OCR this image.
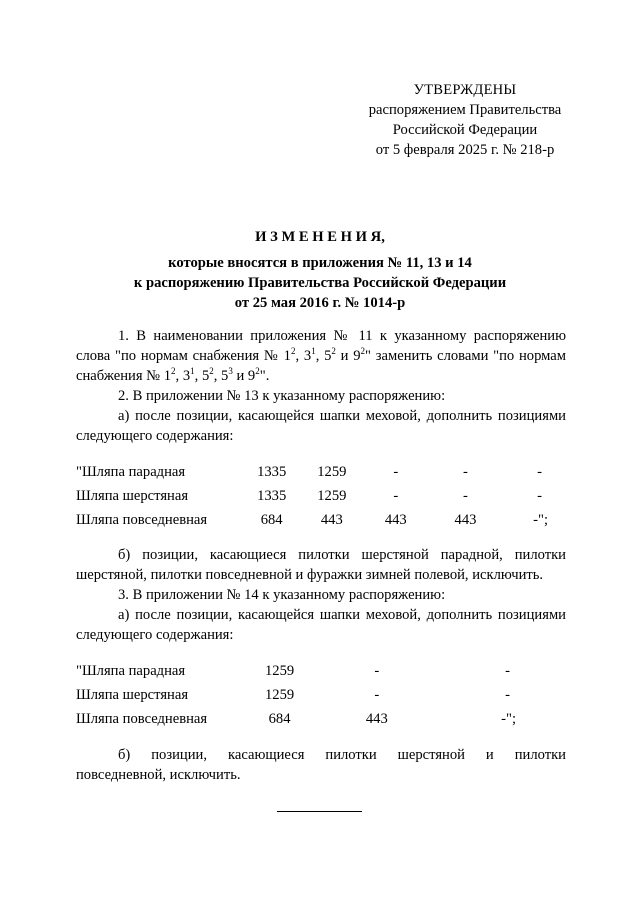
УТВЕРЖДЕНЫ
распоряжением Правительства
Российской Федерации
от 5 февраля 2025 г. № 218-р
И З М Е Н Е Н И Я,
которые вносятся в приложения № 11, 13 и 14
к распоряжению Правительства Российской Федерации
от 25 мая 2016 г. № 1014-р
1. В наименовании приложения № 11 к указанному распоряжению слова "по нормам снабжения № $1^2$, $3^1$, $5^2$ и $9^2$" заменить словами "по нормам снабжения № $1^2$, $3^1$, $5^2$, $5^3$ и $9^2$".
2. В приложении № 13 к указанному распоряжению:
а) после позиции, касающейся шапки меховой, дополнить позициями следующего содержания:
"Шляпа парадная	1335	1259	-	-	-
Шляпа шерстяная	1335	1259	-	-	-
Шляпа повседневная	684	443	443	443	-";
б) позиции, касающиеся пилотки шерстяной парадной, пилотки шерстяной, пилотки повседневной и фуражки зимней полевой, исключить.
3. В приложении № 14 к указанному распоряжению:
а) после позиции, касающейся шапки меховой, дополнить позициями следующего содержания:
"Шляпа парадная	1259	-	-
Шляпа шерстяная	1259	-	-
Шляпа повседневная	684	443	-";
б) позиции, касающиеся пилотки шерстяной и пилотки
повседневной, исключить.
